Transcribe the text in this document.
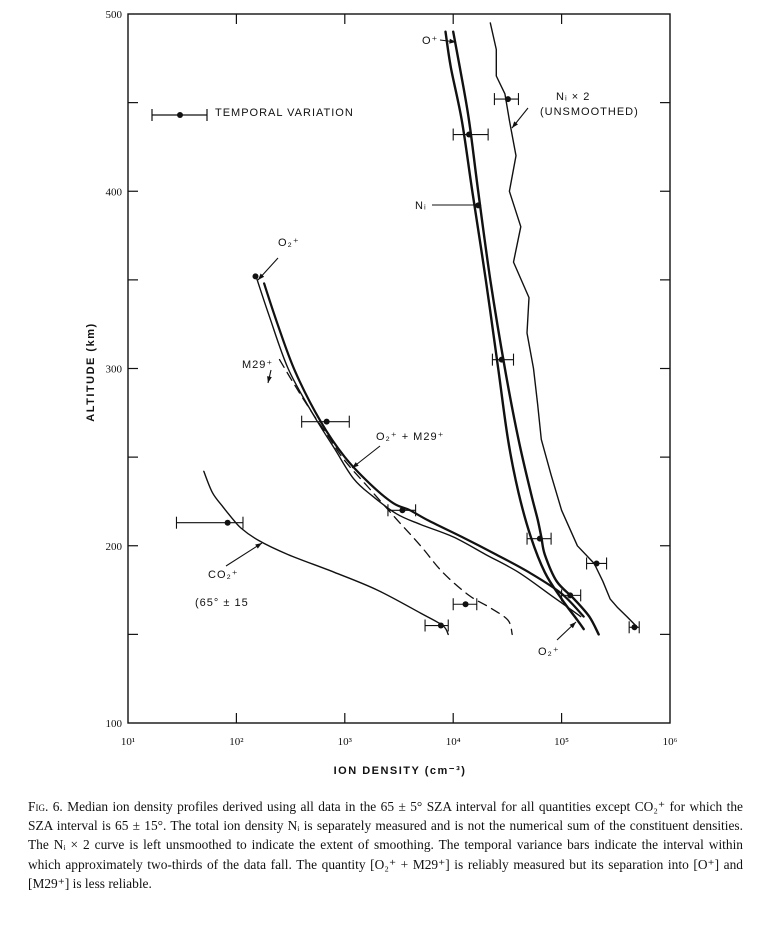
10¹	10²	10³	10⁴	10⁵	10⁶
100
200
300
400
500
TEMPORAL VARIATION
O⁺
Nᵢ
Nᵢ × 2
(UNSMOOTHED)
O₂⁺
M29⁺
O₂⁺ + M29⁺
CO₂⁺
(65° ± 15
O₂⁺
ION DENSITY (cm⁻³)
ALTITUDE (km)
Fig. 6. Median ion density profiles derived using all data in the 65 ± 5° SZA interval for all quantities except CO₂⁺ for which the SZA interval is 65 ± 15°. The total ion density Nᵢ is separately measured and is not the numerical sum of the constituent densities. The Nᵢ × 2 curve is left unsmoothed to indicate the extent of smoothing. The temporal variance bars indicate the interval within which approximately two-thirds of the data fall. The quantity [O₂⁺ + M29⁺] is reliably measured but its separation into [O⁺] and [M29⁺] is less reliable.
